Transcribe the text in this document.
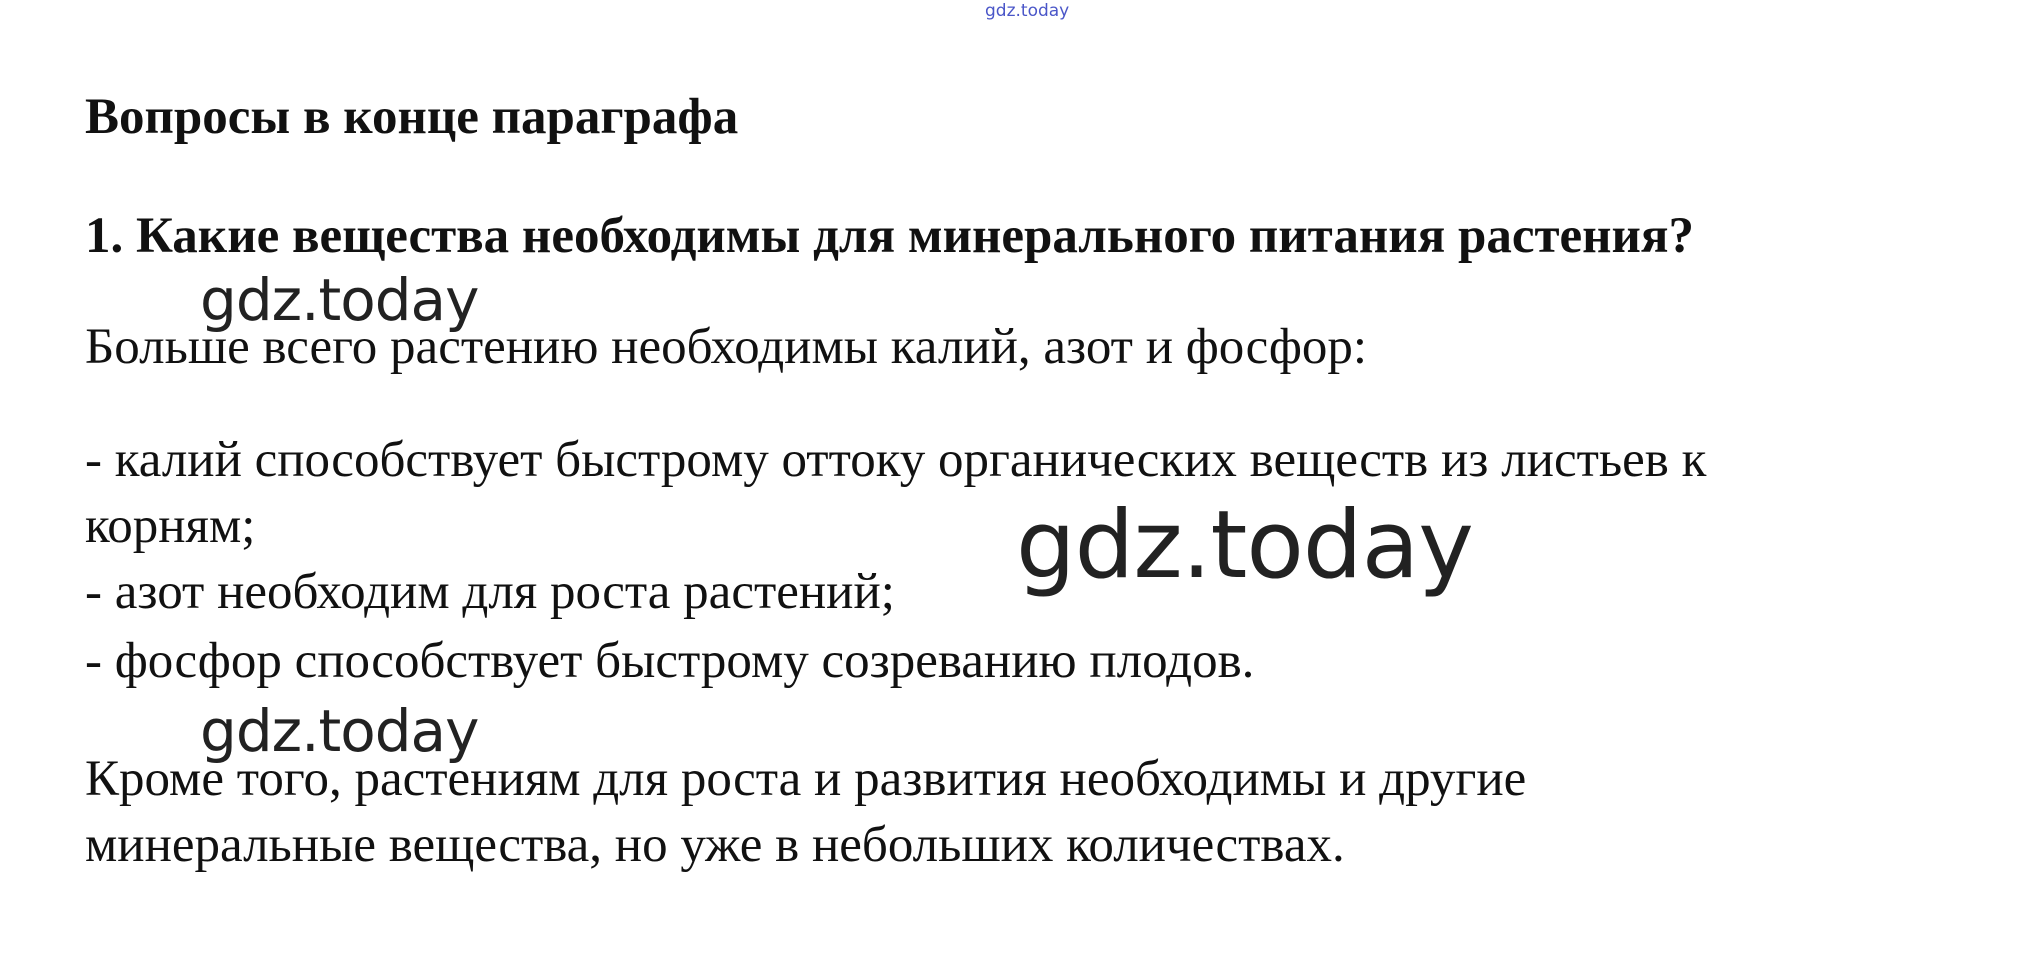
gdz.today
Вопросы в конце параграфа
1. Какие вещества необходимы для минерального питания растения?
gdz.today
Больше всего растению необходимы калий, азот и фосфор:
- калий способствует быстрому оттоку органических веществ из листьев к
корням;	gdz.today
- азот необходим для роста растений;
- фосфор способствует быстрому созреванию плодов.
gdz.today
Кроме того, растениям для роста и развития необходимы и другие
минеральные вещества, но уже в небольших количествах.
